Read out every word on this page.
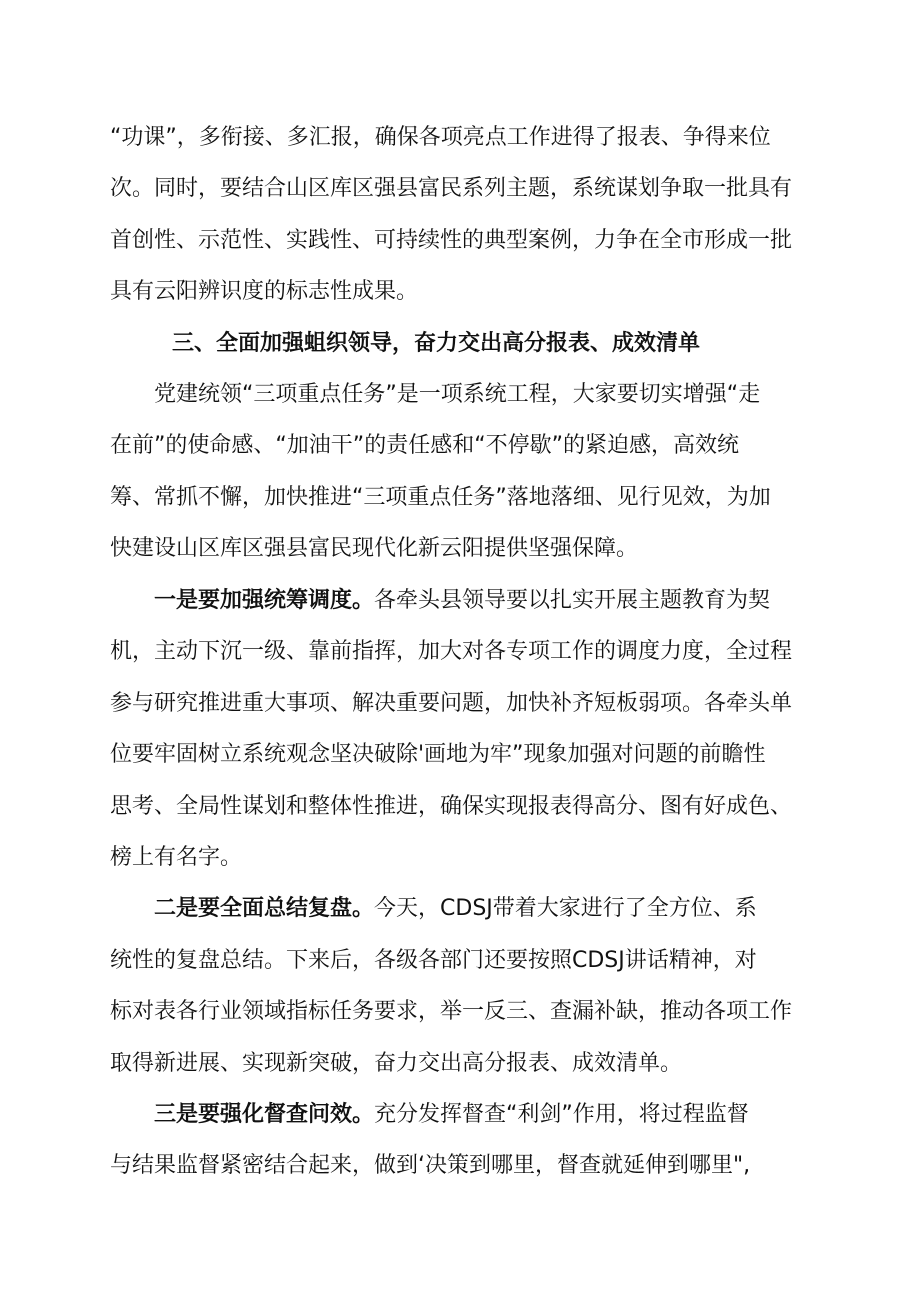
“功课”，多衔接、多汇报，确保各项亮点工作进得了报表、争得来位
次。同时，要结合山区库区强县富民系列主题，系统谋划争取一批具有
首创性、示范性、实践性、可持续性的典型案例，力争在全市形成一批
具有云阳辨识度的标志性成果。
三、全面加强蛆织领导，奋力交出高分报表、成效清单
党建统领“三项重点任务”是一项系统工程，大家要切实增强“走
在前”的使命感、“加油干”的责任感和“不停歇”的紧迫感，高效统
筹、常抓不懈，加快推进“三项重点任务”落地落细、见行见效，为加
快建设山区库区强县富民现代化新云阳提供坚强保障。
一是要加强统筹调度。各牵头县领导要以扎实开展主题教育为契
机，主动下沉一级、靠前指挥，加大对各专项工作的调度力度，全过程
参与研究推进重大事项、解决重要问题，加快补齐短板弱项。各牵头单
位要牢固树立系统观念坚决破除'画地为牢”现象加强对问题的前瞻性
思考、全局性谋划和整体性推进，确保实现报表得高分、图有好成色、
榜上有名字。
二是要全面总结复盘。今天，CDSJ带着大家进行了全方位、系
统性的复盘总结。下来后，各级各部门还要按照CDSJ讲话精神，对
标对表各行业领域指标任务要求，举一反三、查漏补缺，推动各项工作
取得新进展、实现新突破，奋力交出高分报表、成效清单。
三是要强化督查问效。充分发挥督查“利剑”作用，将过程监督
与结果监督紧密结合起来，做到‘决策到哪里，督查就延伸到哪里",
